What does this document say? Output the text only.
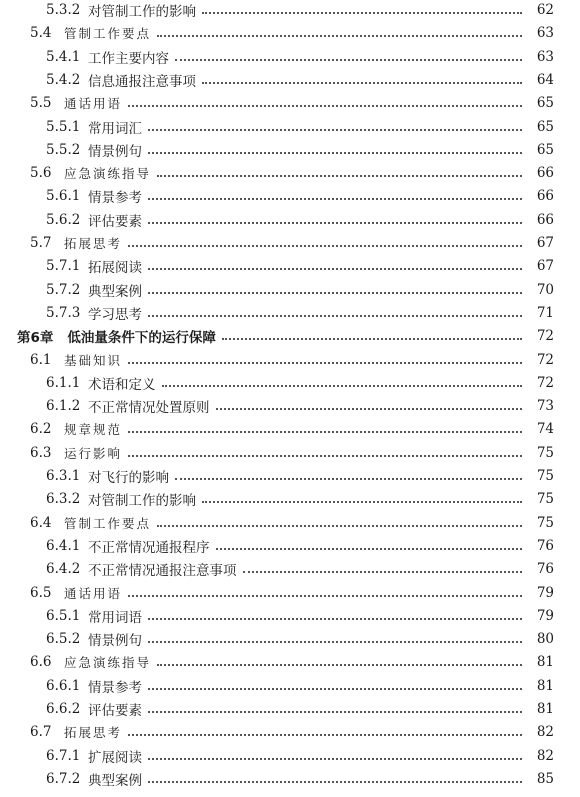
5.3.2 对管制工作的影响	62
5.4	管制工作要点	63
5.4.1 工作主要内容	63
5.4.2 信息通报注意事项	64
5.5	通话用语	65
5.5.1 常用词汇	65
5.5.2 情景例句	65
5.6	应急演练指导	66
5.6.1 情景参考	66
5.6.2 评估要素	66
5.7	拓展思考	67
5.7.1 拓展阅读	67
5.7.2 典型案例	70
5.7.3 学习思考	71
第6章 低油量条件下的运行保障	72
6.1	基础知识	72
6.1.1 术语和定义	72
6.1.2 不正常情况处置原则	73
6.2	规章规范	74
6.3	运行影响	75
6.3.1 对飞行的影响	75
6.3.2 对管制工作的影响	75
6.4	管制工作要点	75
6.4.1 不正常情况通报程序	76
6.4.2 不正常情况通报注意事项	76
6.5	通话用语	79
6.5.1 常用词语	79
6.5.2 情景例句	80
6.6	应急演练指导	81
6.6.1 情景参考	81
6.6.2 评估要素	81
6.7	拓展思考	82
6.7.1 扩展阅读	82
6.7.2 典型案例	85
